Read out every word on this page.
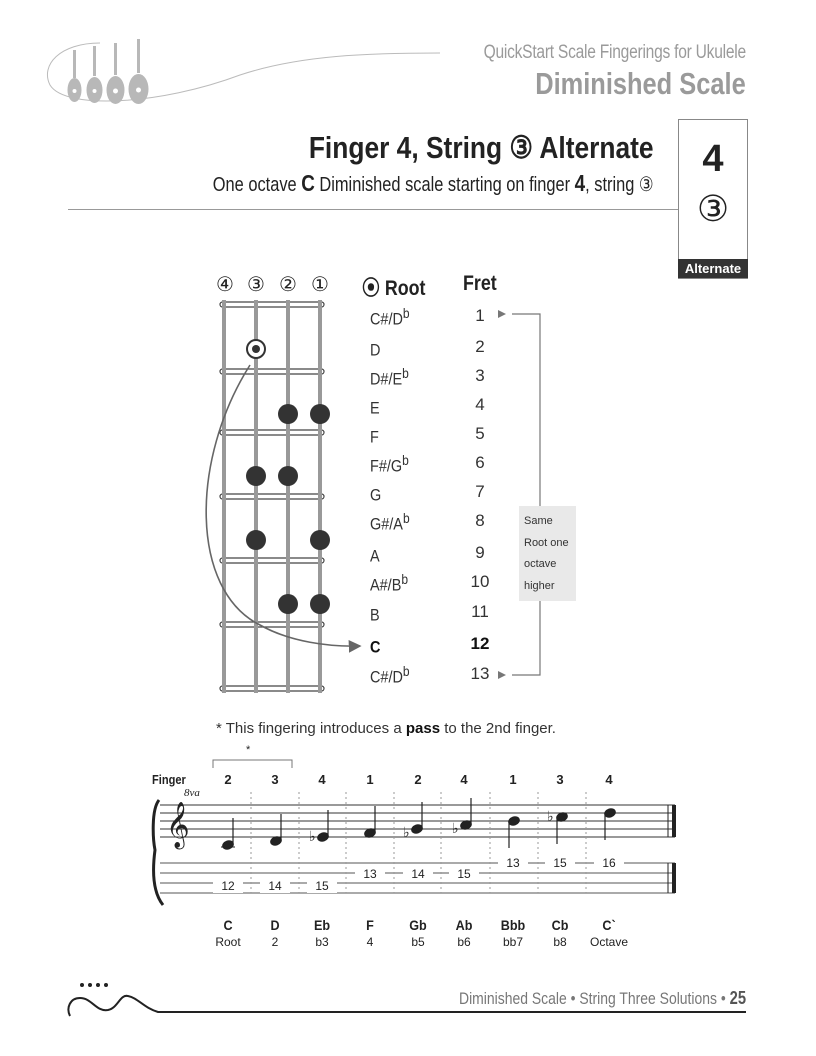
QuickStart Scale Fingerings for Ukulele
Diminished Scale
Finger 4, String ③ Alternate
One octave C Diminished scale starting on finger 4, string ③
4
③
Alternate
④ ③ ② ① ⦿ Root Fret
$C\#/D^b$	1
D	2
$D\#/E^b$	3
E	4
F	5
$F\#/G^b$	6
G	7
$G\#/A^b$	8
A	9
$A\#/B^b$	10
B	11
C	12
$C\#/D^b$	13
Same
Root one
octave
higher
* This fingering introduces a pass to the 2nd finger.
*
Finger
8va
2	3	4	1	2	4	1	3	4
𝄞	♭	♭	♭
♭
12	14	15
13	14	15
13	15	16
C	D	Eb	F	Gb	Ab	Bbb	Cb	C`
Root	2	b3	4	b5	b6	bb7	b8	Octave
Diminished Scale • String Three Solutions • 25
